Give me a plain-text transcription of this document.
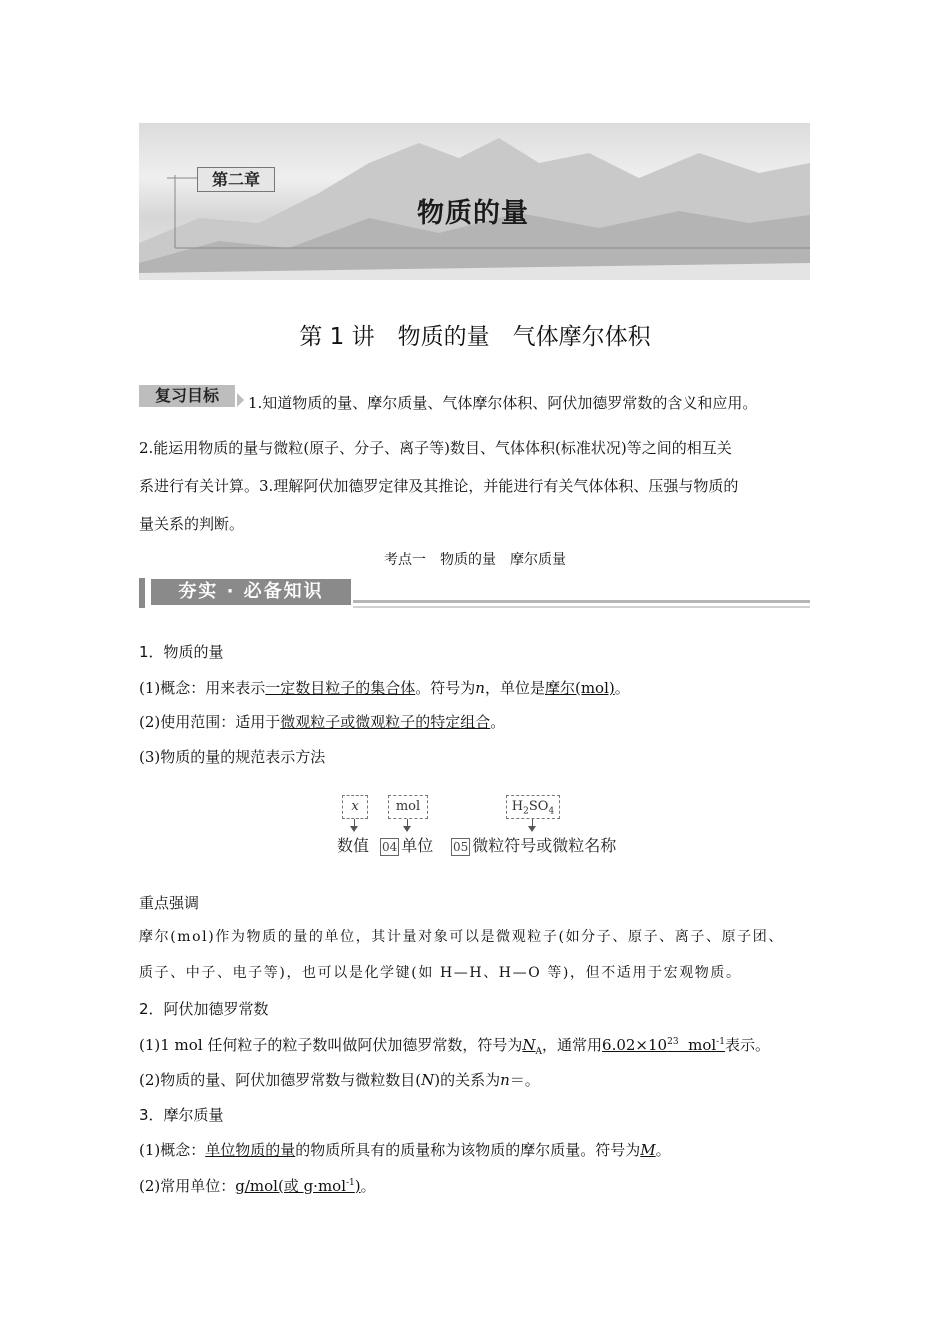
第二章
物质的量
第 1 讲　物质的量　气体摩尔体积
复习目标	1.知道物质的量、摩尔质量、气体摩尔体积、阿伏加德罗常数的含义和应用。
2.能运用物质的量与微粒(原子、分子、离子等)数目、气体体积(标准状况)等之间的相互关
系进行有关计算。3.理解阿伏加德罗定律及其推论，并能进行有关气体体积、压强与物质的
量关系的判断。
考点一　物质的量　摩尔质量
夯实 · 必备知识
1．物质的量
(1)概念：用来表示一定数目粒子的集合体。符号为n，单位是摩尔(mol)。
(2)使用范围：适用于微观粒子或微观粒子的特定组合。
(3)物质的量的规范表示方法
x	mol	$H_2SO_4$
数值 04 单位 05 微粒符号或微粒名称
重点强调
摩尔(mol)作为物质的量的单位，其计量对象可以是微观粒子(如分子、原子、离子、原子团、
质子、中子、电子等)，也可以是化学键(如 H—H、H—O 等)，但不适用于宏观物质。
2．阿伏加德罗常数
(1)1 mol 任何粒子的粒子数叫做阿伏加德罗常数，符号为$N_A$，通常用$6.02\times 10^{23}$ mol$^{-1}$表示。
(2)物质的量、阿伏加德罗常数与微粒数目(N)的关系为n＝。
3．摩尔质量
(1)概念：单位物质的量的物质所具有的质量称为该物质的摩尔质量。符号为M。
(2)常用单位：g/mol(或 g·mol$^{-1}$)。
